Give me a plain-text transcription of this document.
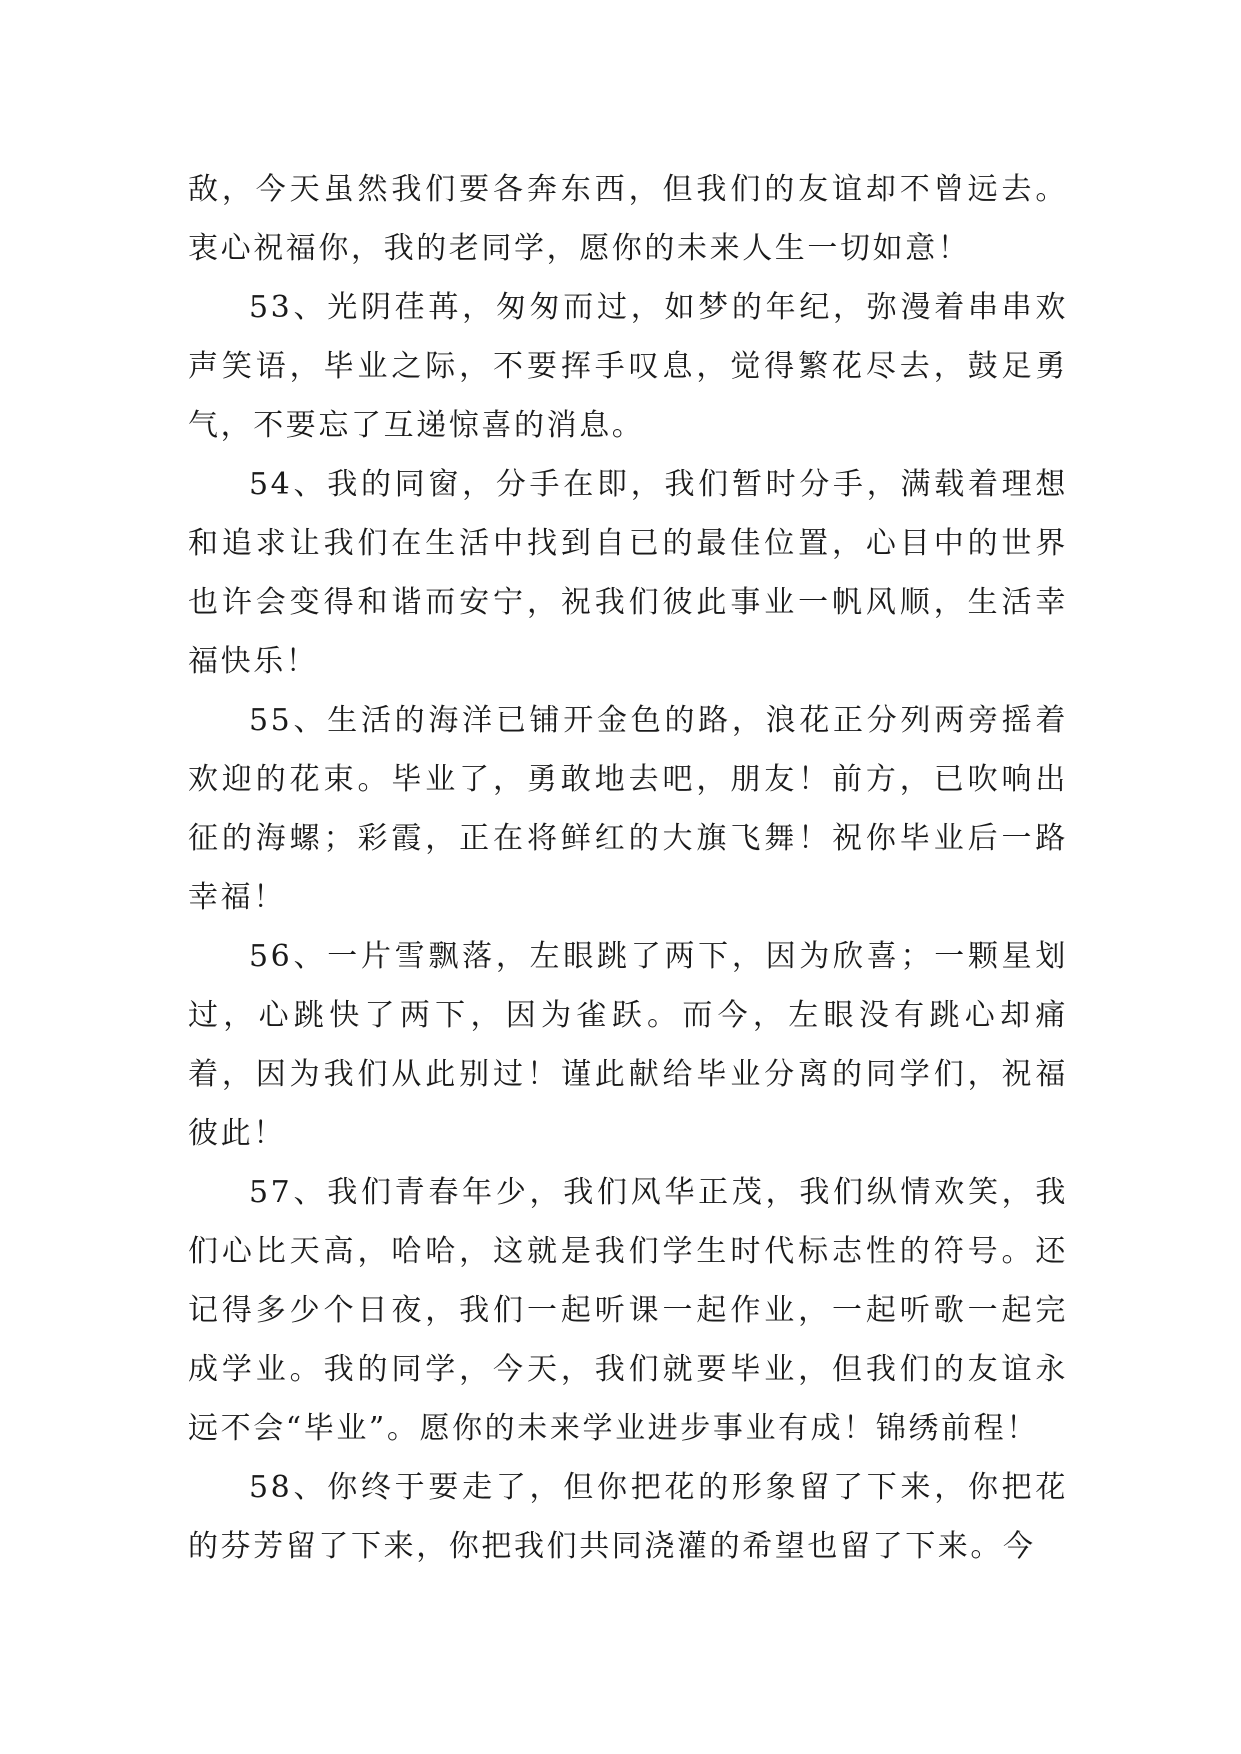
敌，今天虽然我们要各奔东西，但我们的友谊却不曾远去。衷心祝福你，我的老同学，愿你的未来人生一切如意！

53、光阴荏苒，匆匆而过，如梦的年纪，弥漫着串串欢声笑语，毕业之际，不要挥手叹息，觉得繁花尽去，鼓足勇气，不要忘了互递惊喜的消息。

54、我的同窗，分手在即，我们暂时分手，满载着理想和追求让我们在生活中找到自已的最佳位置，心目中的世界也许会变得和谐而安宁，祝我们彼此事业一帆风顺，生活幸福快乐！

55、生活的海洋已铺开金色的路，浪花正分列两旁摇着欢迎的花束。毕业了，勇敢地去吧，朋友！前方，已吹响出征的海螺；彩霞，正在将鲜红的大旗飞舞！祝你毕业后一路幸福！

56、一片雪飘落，左眼跳了两下，因为欣喜；一颗星划过，心跳快了两下，因为雀跃。而今，左眼没有跳心却痛着，因为我们从此别过！谨此献给毕业分离的同学们，祝福彼此！

57、我们青春年少，我们风华正茂，我们纵情欢笑，我们心比天高，哈哈，这就是我们学生时代标志性的符号。还记得多少个日夜，我们一起听课一起作业，一起听歌一起完成学业。我的同学，今天，我们就要毕业，但我们的友谊永远不会“毕业”。愿你的未来学业进步事业有成！锦绣前程！

58、你终于要走了，但你把花的形象留了下来，你把花的芬芳留了下来，你把我们共同浇灌的希望也留了下来。今
